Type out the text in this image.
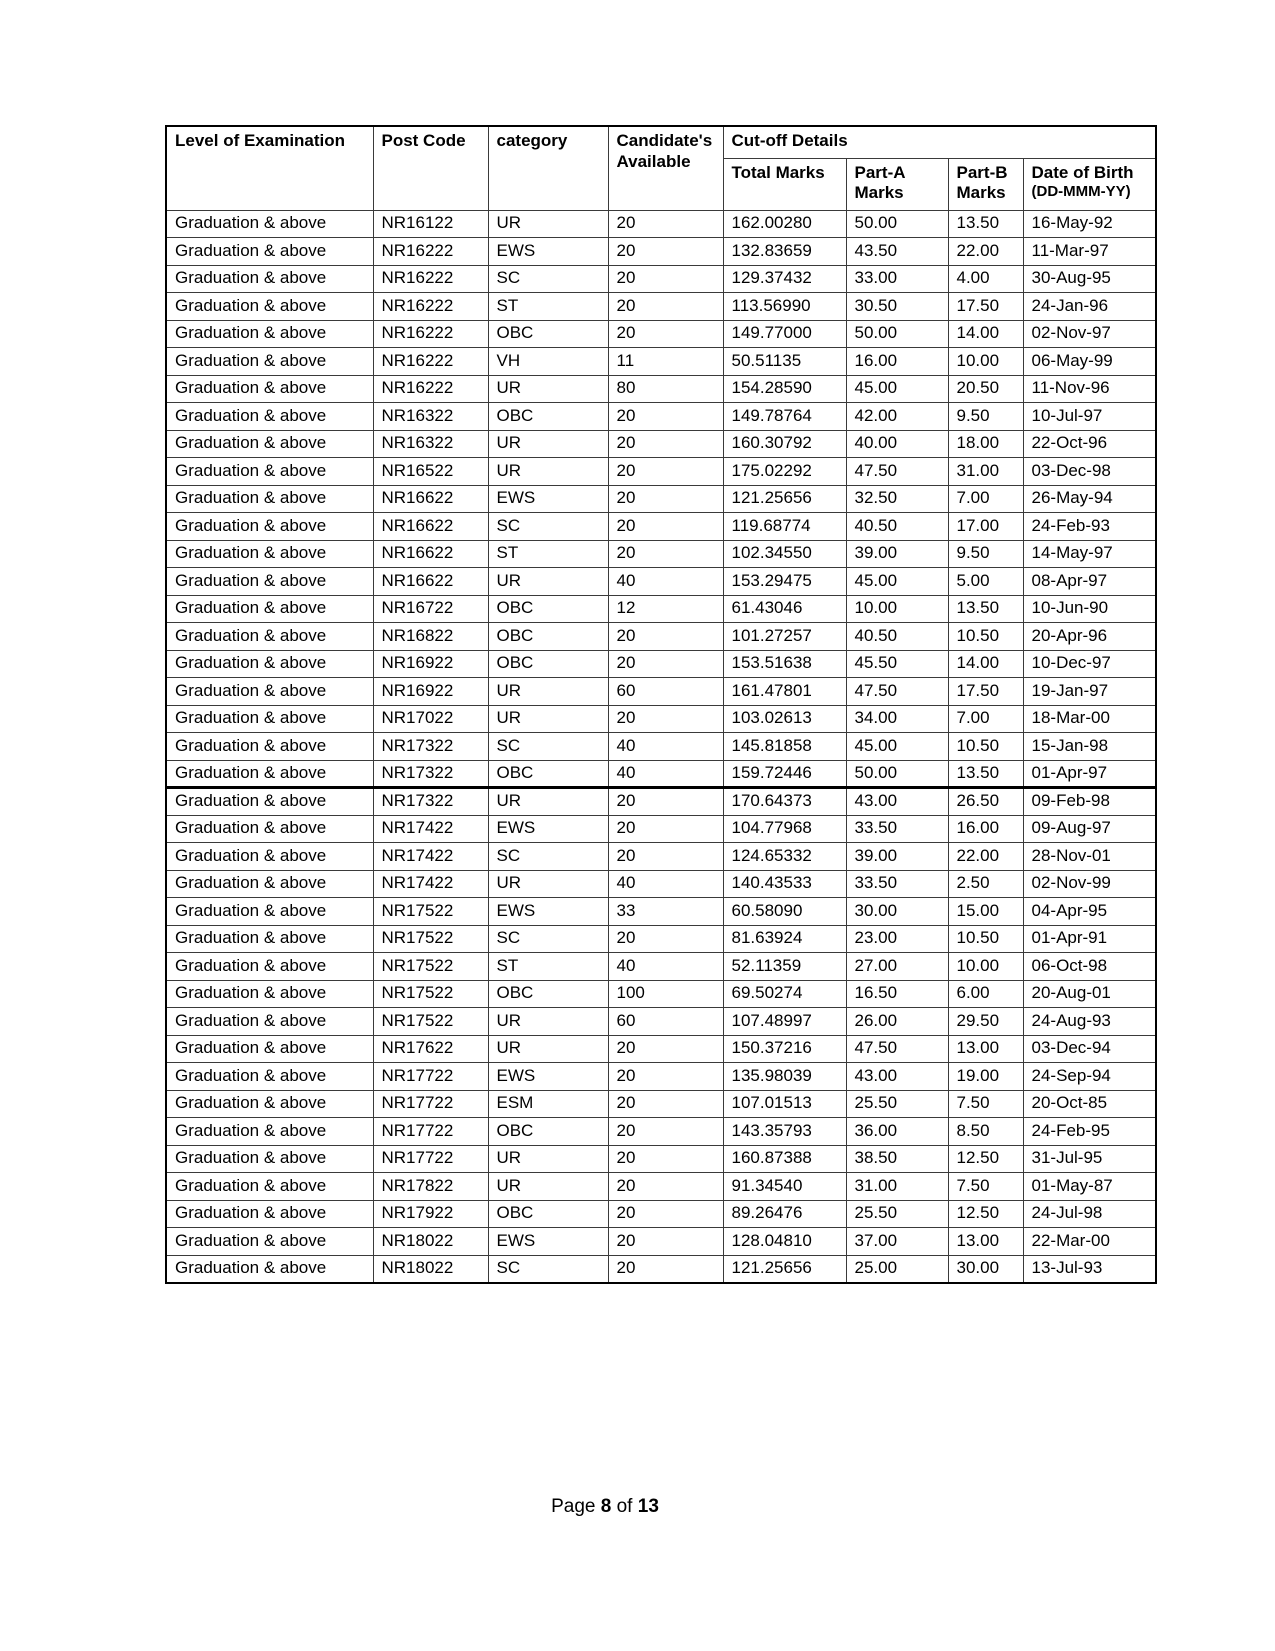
Level of Examination	Post Code	category	Candidate's Available	Cut-off Details			
				Total Marks	Part-A Marks	Part-B Marks	Date of Birth
(DD-MMM-YY)

Graduation & above	NR16122	UR	20	162.00280	50.00	13.50	16-May-92
Graduation & above	NR16222	EWS	20	132.83659	43.50	22.00	11-Mar-97
Graduation & above	NR16222	SC	20	129.37432	33.00	4.00	30-Aug-95
Graduation & above	NR16222	ST	20	113.56990	30.50	17.50	24-Jan-96
Graduation & above	NR16222	OBC	20	149.77000	50.00	14.00	02-Nov-97
Graduation & above	NR16222	VH	11	50.51135	16.00	10.00	06-May-99
Graduation & above	NR16222	UR	80	154.28590	45.00	20.50	11-Nov-96
Graduation & above	NR16322	OBC	20	149.78764	42.00	9.50	10-Jul-97
Graduation & above	NR16322	UR	20	160.30792	40.00	18.00	22-Oct-96
Graduation & above	NR16522	UR	20	175.02292	47.50	31.00	03-Dec-98
Graduation & above	NR16622	EWS	20	121.25656	32.50	7.00	26-May-94
Graduation & above	NR16622	SC	20	119.68774	40.50	17.00	24-Feb-93
Graduation & above	NR16622	ST	20	102.34550	39.00	9.50	14-May-97
Graduation & above	NR16622	UR	40	153.29475	45.00	5.00	08-Apr-97
Graduation & above	NR16722	OBC	12	61.43046	10.00	13.50	10-Jun-90
Graduation & above	NR16822	OBC	20	101.27257	40.50	10.50	20-Apr-96
Graduation & above	NR16922	OBC	20	153.51638	45.50	14.00	10-Dec-97
Graduation & above	NR16922	UR	60	161.47801	47.50	17.50	19-Jan-97
Graduation & above	NR17022	UR	20	103.02613	34.00	7.00	18-Mar-00
Graduation & above	NR17322	SC	40	145.81858	45.00	10.50	15-Jan-98
Graduation & above	NR17322	OBC	40	159.72446	50.00	13.50	01-Apr-97
Graduation & above	NR17322	UR	20	170.64373	43.00	26.50	09-Feb-98
Graduation & above	NR17422	EWS	20	104.77968	33.50	16.00	09-Aug-97
Graduation & above	NR17422	SC	20	124.65332	39.00	22.00	28-Nov-01
Graduation & above	NR17422	UR	40	140.43533	33.50	2.50	02-Nov-99
Graduation & above	NR17522	EWS	33	60.58090	30.00	15.00	04-Apr-95
Graduation & above	NR17522	SC	20	81.63924	23.00	10.50	01-Apr-91
Graduation & above	NR17522	ST	40	52.11359	27.00	10.00	06-Oct-98
Graduation & above	NR17522	OBC	100	69.50274	16.50	6.00	20-Aug-01
Graduation & above	NR17522	UR	60	107.48997	26.00	29.50	24-Aug-93
Graduation & above	NR17622	UR	20	150.37216	47.50	13.00	03-Dec-94
Graduation & above	NR17722	EWS	20	135.98039	43.00	19.00	24-Sep-94
Graduation & above	NR17722	ESM	20	107.01513	25.50	7.50	20-Oct-85
Graduation & above	NR17722	OBC	20	143.35793	36.00	8.50	24-Feb-95
Graduation & above	NR17722	UR	20	160.87388	38.50	12.50	31-Jul-95
Graduation & above	NR17822	UR	20	91.34540	31.00	7.50	01-May-87
Graduation & above	NR17922	OBC	20	89.26476	25.50	12.50	24-Jul-98
Graduation & above	NR18022	EWS	20	128.04810	37.00	13.00	22-Mar-00
Graduation & above	NR18022	SC	20	121.25656	25.00	30.00	13-Jul-93
Page 8 of 13
